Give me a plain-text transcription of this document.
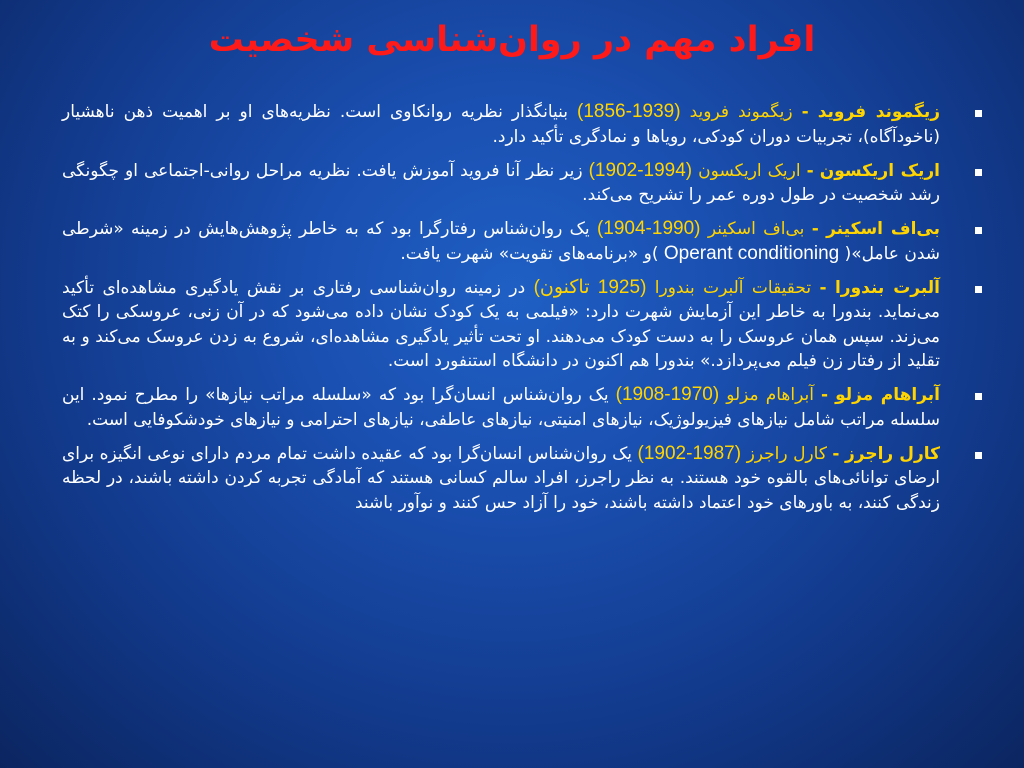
افراد مهم در روان‌شناسی شخصیت
زیگموند فروید - زیگموند فروید (1856-1939) بنیانگذار نظریه روانکاوی است. نظریه‌های او بر اهمیت ذهن ناهشیار (ناخودآگاه)، تجربیات دوران کودکی، رویاها و نمادگری تأکید دارد.
اریک اریکسون - اریک اریکسون (1902-1994) زیر نظر آنا فروید آموزش یافت. نظریه مراحل روانی-اجتماعی او چگونگی رشد شخصیت در طول دوره عمر را تشریح می‌کند.
بی‌اف اسکینر - بی‌اف اسکینر (1904-1990) یک روان‌شناس رفتارگرا بود که به خاطر پژوهش‌هایش در زمینه «شرطی شدن عامل»( Operant conditioning )و «برنامه‌های تقویت» شهرت یافت.
آلبرت بندورا - تحقیقات آلبرت بندورا (1925 تاکنون) در زمینه روان‌شناسی رفتاری بر نقش یادگیری مشاهده‌ای تأکید می‌نماید. بندورا به خاطر این آزمایش شهرت دارد: «فیلمی به یک کودک نشان داده می‌شود که در آن زنی، عروسکی را کتک می‌زند. سپس همان عروسک را به دست کودک می‌دهند. او تحت تأثیر یادگیری مشاهده‌ای، شروع به زدن عروسک می‌کند و به تقلید از رفتار زن فیلم می‌پردازد.» بندورا هم اکنون در دانشگاه استنفورد است.
آبراهام مزلو - آبراهام مزلو (1908-1970) یک روان‌شناس انسان‌گرا بود که «سلسله مراتب نیازها» را مطرح نمود. این سلسله مراتب شامل نیازهای فیزیولوژیک، نیازهای امنیتی، نیازهای عاطفی، نیازهای احترامی و نیازهای خودشکوفایی است.
کارل راجرز - کارل راجرز (1902-1987) یک روان‌شناس انسان‌گرا بود که عقیده داشت تمام مردم دارای نوعی انگیزه برای ارضای توانائی‌های بالقوه خود هستند. به نظر راجرز، افراد سالم کسانی هستند که آمادگی تجربه کردن داشته باشند، در لحظه زندگی کنند، به باورهای خود اعتماد داشته باشند، خود را آزاد حس کنند و نوآور باشند
